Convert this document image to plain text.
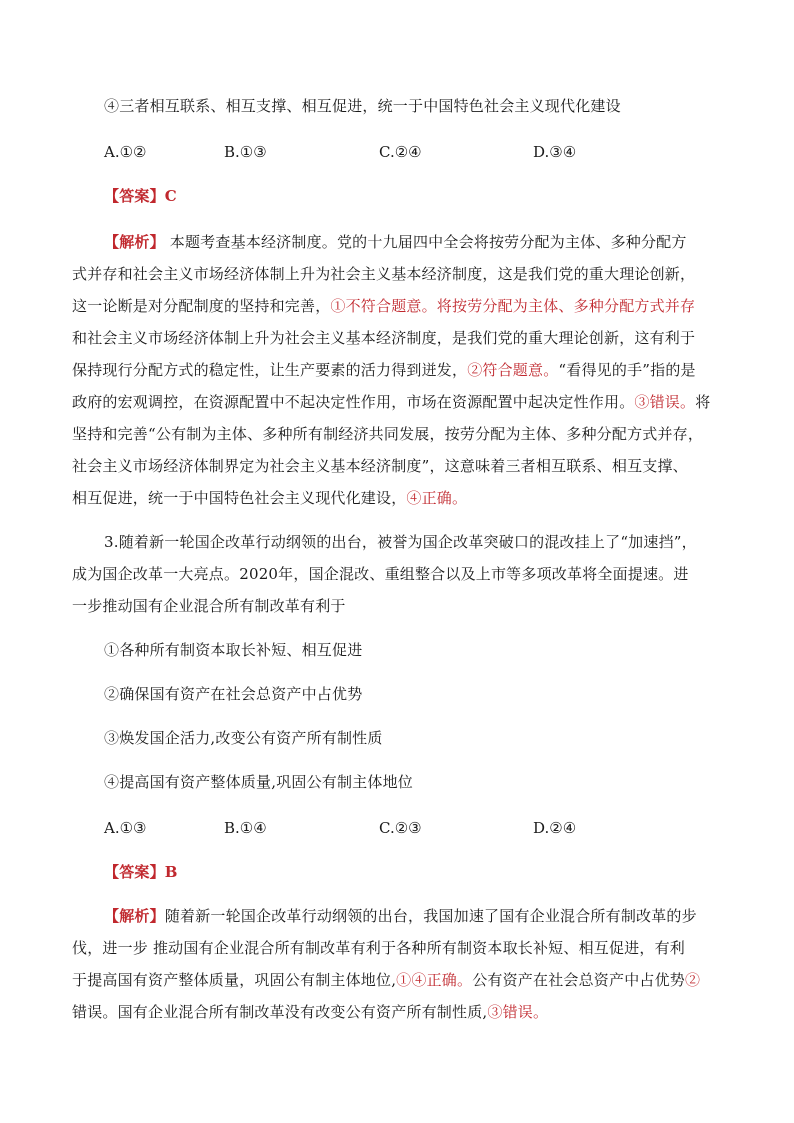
④三者相互联系、相互支撑、相互促进，统一于中国特色社会主义现代化建设
A.①②	B.①③	C.②④	D.③④
【答案】C
【解析】 本题考查基本经济制度。党的十九届四中全会将按劳分配为主体、多种分配方
式并存和社会主义市场经济体制上升为社会主义基本经济制度，这是我们党的重大理论创新，
这一论断是对分配制度的坚持和完善，①不符合题意。将按劳分配为主体、多种分配方式并存
和社会主义市场经济体制上升为社会主义基本经济制度，是我们党的重大理论创新，这有利于
保持现行分配方式的稳定性，让生产要素的活力得到迸发，②符合题意。“看得见的手”指的是
政府的宏观调控，在资源配置中不起决定性作用，市场在资源配置中起决定性作用。③错误。将
坚持和完善“公有制为主体、多种所有制经济共同发展，按劳分配为主体、多种分配方式并存，
社会主义市场经济体制界定为社会主义基本经济制度”，这意味着三者相互联系、相互支撑、
相互促进，统一于中国特色社会主义现代化建设，④正确。
3.随着新一轮国企改革行动纲领的出台，被誉为国企改革突破口的混改挂上了“加速挡”，
成为国企改革一大亮点。2020年，国企混改、重组整合以及上市等多项改革将全面提速。进
一步推动国有企业混合所有制改革有利于
①各种所有制资本取长补短、相互促进
②确保国有资产在社会总资产中占优势
③焕发国企活力,改变公有资产所有制性质
④提高国有资产整体质量,巩固公有制主体地位
A.①③	B.①④	C.②③	D.②④
【答案】B
【解析】随着新一轮国企改革行动纲领的出台，我国加速了国有企业混合所有制改革的步
伐，进一步 推动国有企业混合所有制改革有利于各种所有制资本取长补短、相互促进，有利
于提高国有资产整体质量，巩固公有制主体地位,①④正确。公有资产在社会总资产中占优势②
错误。国有企业混合所有制改革没有改变公有资产所有制性质,③错误。
